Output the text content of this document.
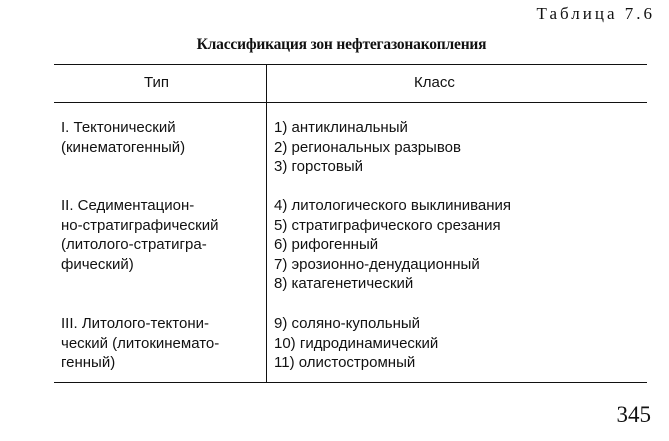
Таблица 7.6
Классификация зон нефтегазонакопления
Тип	Класс
I. Тектонический
(кинематогенный)
1) антиклинальный
2) региональных разрывов
3) горстовый
II. Седиментацион-
но-стратиграфический
(литолого-стратигра-
фический)
4) литологического выклинивания
5) стратиграфического срезания
6) рифогенный
7) эрозионно-денудационный
8) катагенетический
III. Литолого-тектони-
ческий (литокинемато-
генный)
9) соляно-купольный
10) гидродинамический
11) олистостромный
345
